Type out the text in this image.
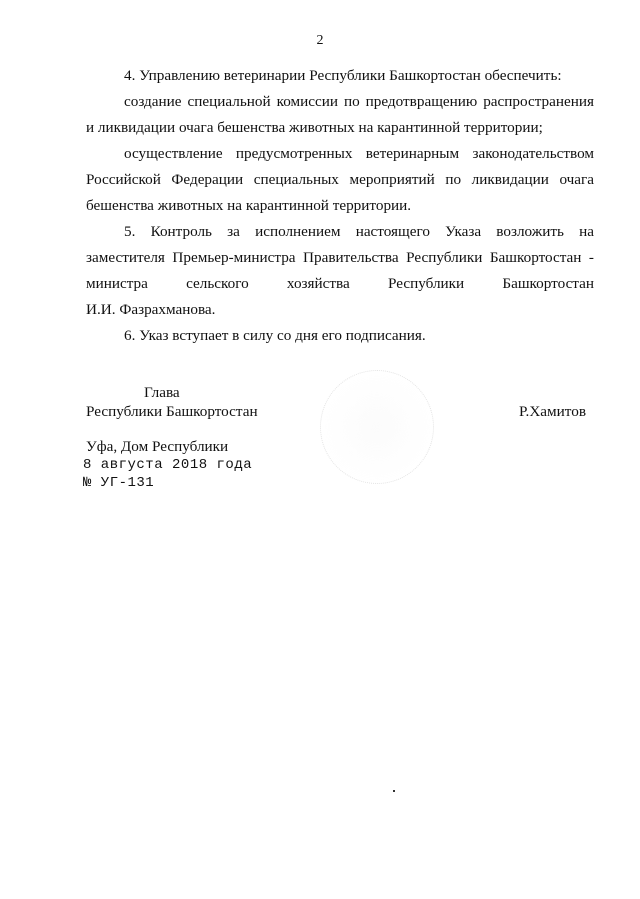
2

4. Управлению ветеринарии Республики Башкортостан обеспечить:

создание специальной комиссии по предотвращению распространения и ликвидации очага бешенства животных на карантинной территории;

осуществление предусмотренных ветеринарным законодательством Российской Федерации специальных мероприятий по ликвидации очага бешенства животных на карантинной территории.

5. Контроль за исполнением настоящего Указа возложить на заместителя Премьер-министра Правительства Республики Башкортостан - министра сельского хозяйства Республики Башкортостан

И.И. Фазрахманова.

6. Указ вступает в силу со дня его подписания.

Глава
Республики Башкортостан	Р.Хамитов
Уфа, Дом Республики
8 августа 2018 года
№ УГ-131
